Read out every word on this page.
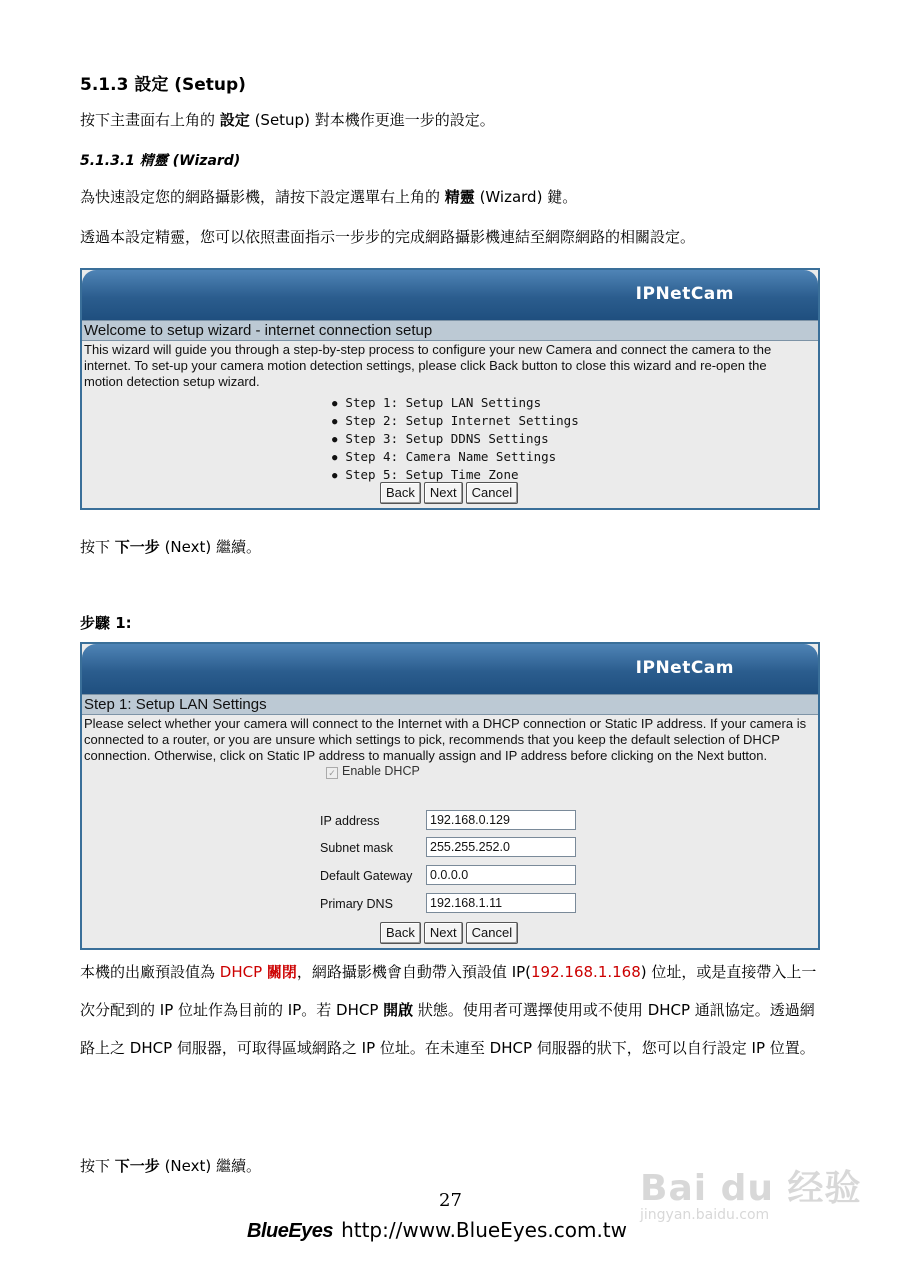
5.1.3 設定 (Setup)
按下主畫面右上角的 設定 (Setup) 對本機作更進一步的設定。
5.1.3.1 精靈 (Wizard)
為快速設定您的網路攝影機，請按下設定選單右上角的 精靈 (Wizard) 鍵。
透過本設定精靈，您可以依照畫面指示一步步的完成網路攝影機連結至網際網路的相關設定。
IPNetCam
Welcome to setup wizard - internet connection setup
This wizard will guide you through a step-by-step process to configure your new Camera and connect the camera to the internet. To set-up your camera motion detection settings, please click Back button to close this wizard and re-open the motion detection setup wizard.
● Step 1: Setup LAN Settings
● Step 2: Setup Internet Settings
● Step 3: Setup DDNS Settings
● Step 4: Camera Name Settings
● Step 5: Setup Time Zone
Back	Next	Cancel
按下 下一步 (Next) 繼續。
步驟 1:
IPNetCam
Step 1: Setup LAN Settings
Please select whether your camera will connect to the Internet with a DHCP connection or Static IP address. If your camera is connected to a router, or you are unsure which settings to pick, recommends that you keep the default selection of DHCP connection. Otherwise, click on Static IP address to manually assign and IP address before clicking on the Next button.
✓ Enable DHCP
IP address	192.168.0.129
Subnet mask	255.255.252.0
Default Gateway	0.0.0.0
Primary DNS	192.168.1.11
Back	Next	Cancel
本機的出廠預設值為 DHCP 關閉，網路攝影機會自動帶入預設值 IP(192.168.1.168) 位址，或是直接帶入上一次分配到的 IP 位址作為目前的 IP。若 DHCP 開啟 狀態。使用者可選擇使用或不使用 DHCP 通訊協定。透過網路上之 DHCP 伺服器，可取得區域網路之 IP 位址。在未連至 DHCP 伺服器的狀下，您可以自行設定 IP 位置。
按下 下一步 (Next) 繼續。
27
BlueEyes http://www.BlueEyes.com.tw
Bai du 经验
jingyan.baidu.com
